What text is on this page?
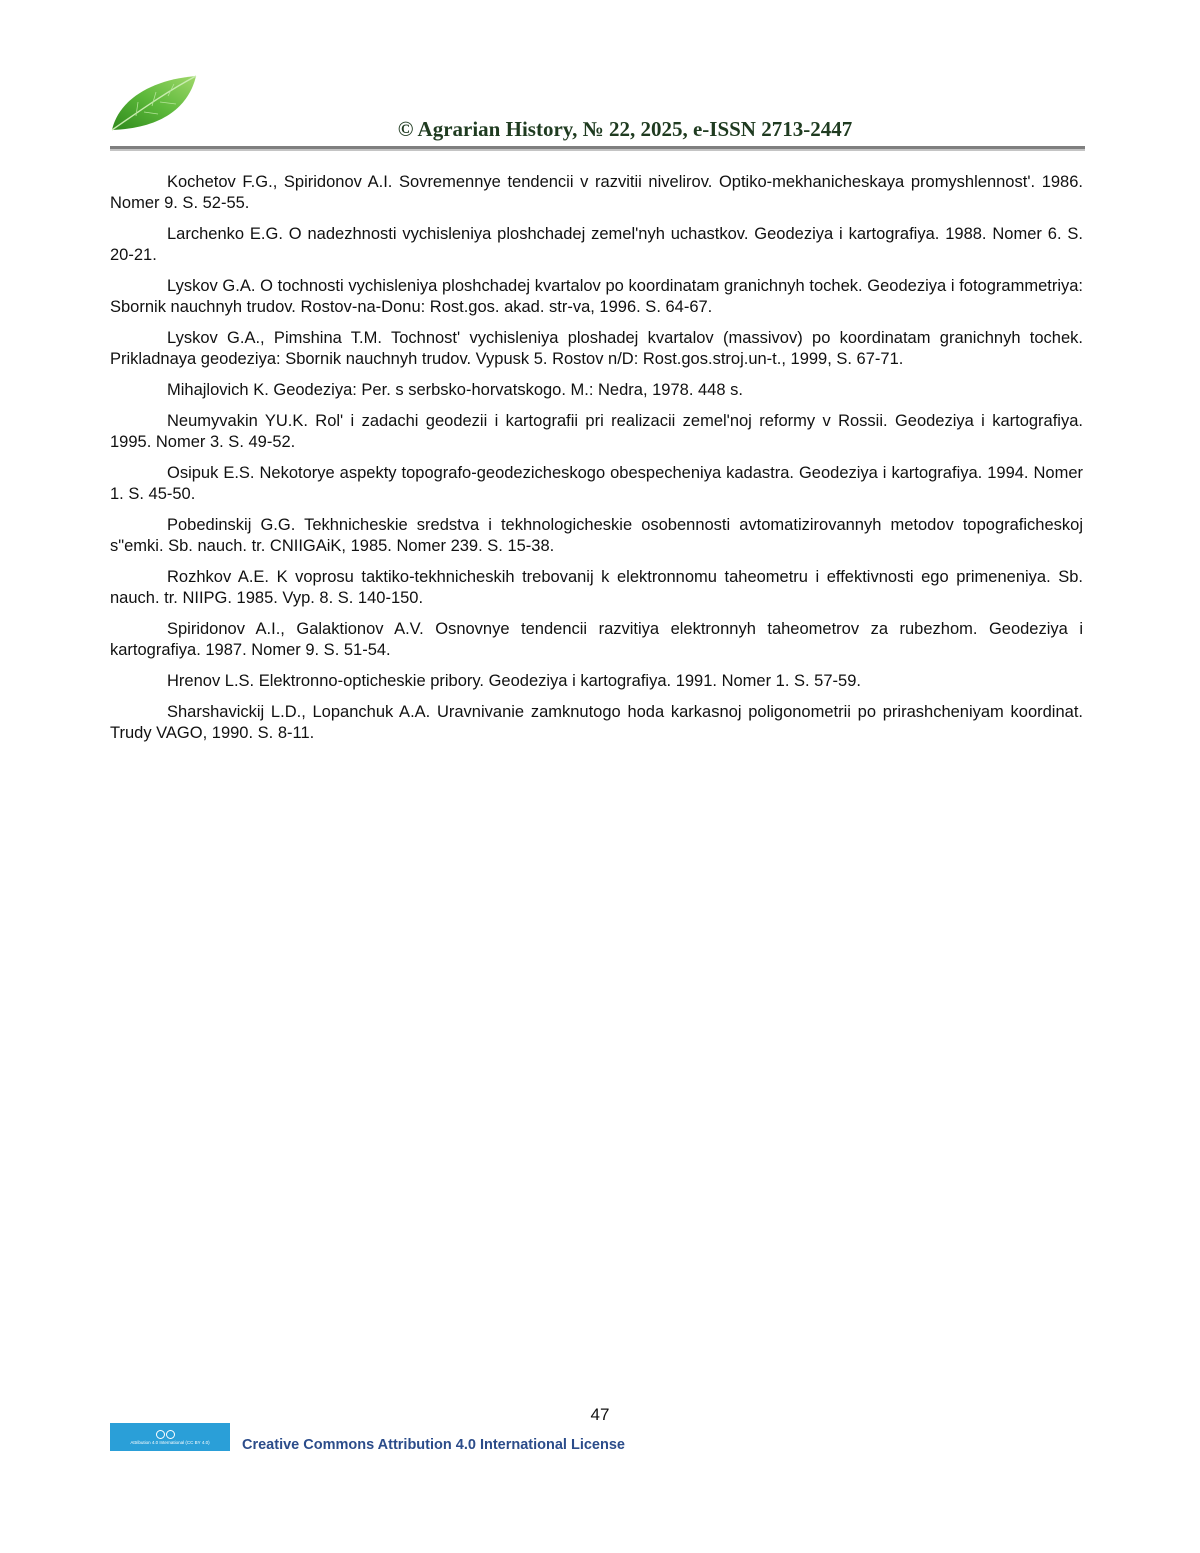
© Agrarian History, № 22, 2025, e-ISSN 2713-2447

Kochetov F.G., Spiridonov A.I. Sovremennye tendencii v razvitii nivelirov. Optiko-mekhanicheskaya promyshlennost'. 1986. Nomer 9. S. 52-55.

Larchenko E.G. O nadezhnosti vychisleniya ploshchadej zemel'nyh uchastkov. Geodeziya i kartografiya. 1988. Nomer 6. S. 20-21.

Lyskov G.A. O tochnosti vychisleniya ploshchadej kvartalov po koordinatam granichnyh tochek. Geodeziya i fotogrammetriya: Sbornik nauchnyh trudov. Rostov-na-Donu: Rost.gos. akad. str-va, 1996. S. 64-67.

Lyskov G.A., Pimshina T.M. Tochnost' vychisleniya ploshadej kvartalov (massivov) po koordinatam granichnyh tochek. Prikladnaya geodeziya: Sbornik nauchnyh trudov. Vypusk 5. Rostov n/D: Rost.gos.stroj.un-t., 1999, S. 67-71.

Mihajlovich K. Geodeziya: Per. s serbsko-horvatskogo. M.: Nedra, 1978. 448 s.

Neumyvakin YU.K. Rol' i zadachi geodezii i kartografii pri realizacii zemel'noj reformy v Rossii. Geodeziya i kartografiya. 1995. Nomer 3. S. 49-52.

Osipuk E.S. Nekotorye aspekty topografo-geodezicheskogo obespecheniya kadastra. Geodeziya i kartografiya. 1994. Nomer 1. S. 45-50.

Pobedinskij G.G. Tekhnicheskie sredstva i tekhnologicheskie osobennosti avtomatizirovannyh metodov topograficheskoj s"emki. Sb. nauch. tr. CNIIGAiK, 1985. Nomer 239. S. 15-38.

Rozhkov A.E. K voprosu taktiko-tekhnicheskih trebovanij k elektronnomu taheometru i effektivnosti ego primeneniya. Sb. nauch. tr. NIIPG. 1985. Vyp. 8. S. 140-150.

Spiridonov A.I., Galaktionov A.V. Osnovnye tendencii razvitiya elektronnyh taheometrov za rubezhom. Geodeziya i kartografiya. 1987. Nomer 9. S. 51-54.

Hrenov L.S. Elektronno-opticheskie pribory. Geodeziya i kartografiya. 1991. Nomer 1. S. 57-59.

Sharshavickij L.D., Lopanchuk A.A. Uravnivanie zamknutogo hoda karkasnoj poligonometrii po prirashcheniyam koordinat. Trudy VAGO, 1990. S. 8-11.

47
Attribution 4.0 International (CC BY 4.0)	Creative Commons Attribution 4.0 International License
